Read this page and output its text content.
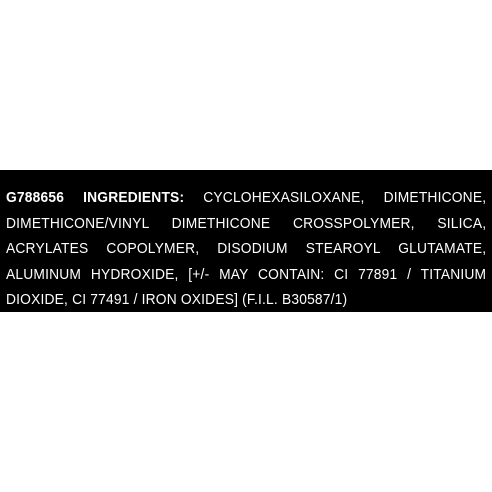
G788656 INGREDIENTS: CYCLOHEXASILOXANE, DIMETHICONE, DIMETHICONE/VINYL DIMETHICONE CROSSPOLYMER, SILICA, ACRYLATES COPOLYMER, DISODIUM STEAROYL GLUTAMATE, ALUMINUM HYDROXIDE, [+/- MAY CONTAIN: CI 77891 / TITANIUM DIOXIDE, CI 77491 / IRON OXIDES] (F.I.L. B30587/1)
